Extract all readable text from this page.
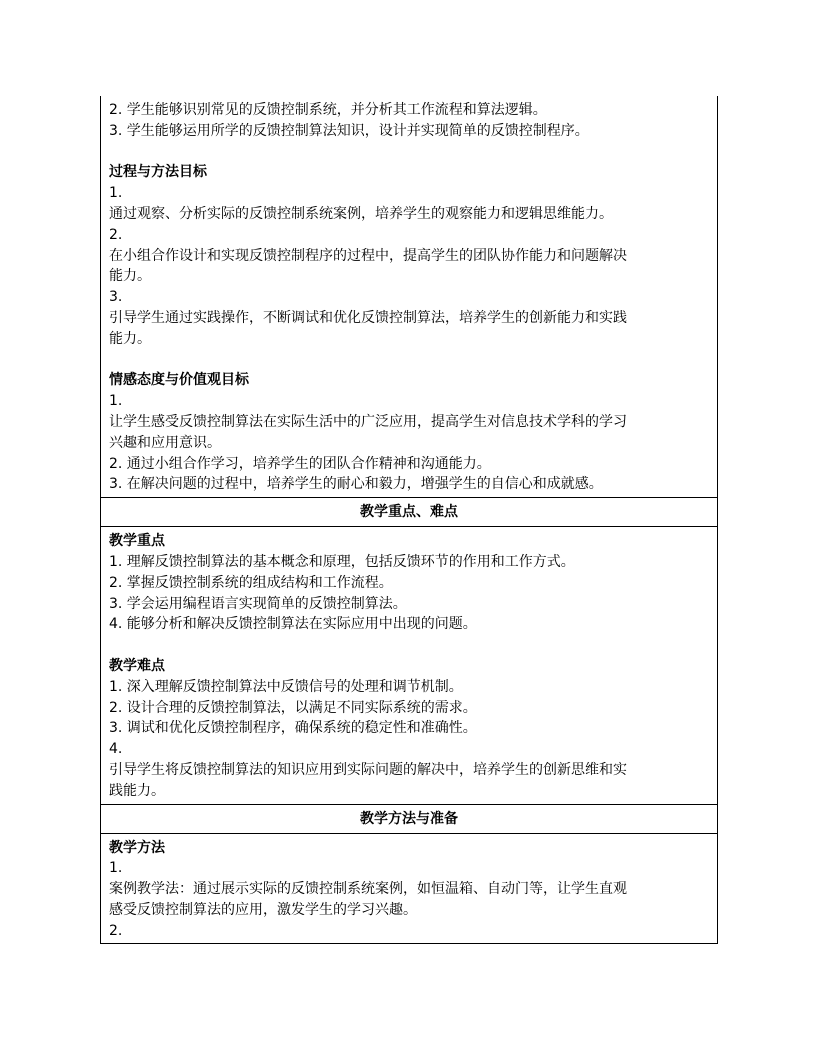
2. 学生能够识别常见的反馈控制系统，并分析其工作流程和算法逻辑。
3. 学生能够运用所学的反馈控制算法知识，设计并实现简单的反馈控制程序。
过程与方法目标
1.
通过观察、分析实际的反馈控制系统案例，培养学生的观察能力和逻辑思维能力。
2.
在小组合作设计和实现反馈控制程序的过程中，提高学生的团队协作能力和问题解决
能力。
3.
引导学生通过实践操作，不断调试和优化反馈控制算法，培养学生的创新能力和实践
能力。
情感态度与价值观目标
1.
让学生感受反馈控制算法在实际生活中的广泛应用，提高学生对信息技术学科的学习
兴趣和应用意识。
2. 通过小组合作学习，培养学生的团队合作精神和沟通能力。
3. 在解决问题的过程中，培养学生的耐心和毅力，增强学生的自信心和成就感。
教学重点、难点
教学重点
1. 理解反馈控制算法的基本概念和原理，包括反馈环节的作用和工作方式。
2. 掌握反馈控制系统的组成结构和工作流程。
3. 学会运用编程语言实现简单的反馈控制算法。
4. 能够分析和解决反馈控制算法在实际应用中出现的问题。
教学难点
1. 深入理解反馈控制算法中反馈信号的处理和调节机制。
2. 设计合理的反馈控制算法，以满足不同实际系统的需求。
3. 调试和优化反馈控制程序，确保系统的稳定性和准确性。
4.
引导学生将反馈控制算法的知识应用到实际问题的解决中，培养学生的创新思维和实
践能力。
教学方法与准备
教学方法
1.
案例教学法：通过展示实际的反馈控制系统案例，如恒温箱、自动门等，让学生直观
感受反馈控制算法的应用，激发学生的学习兴趣。
2.
